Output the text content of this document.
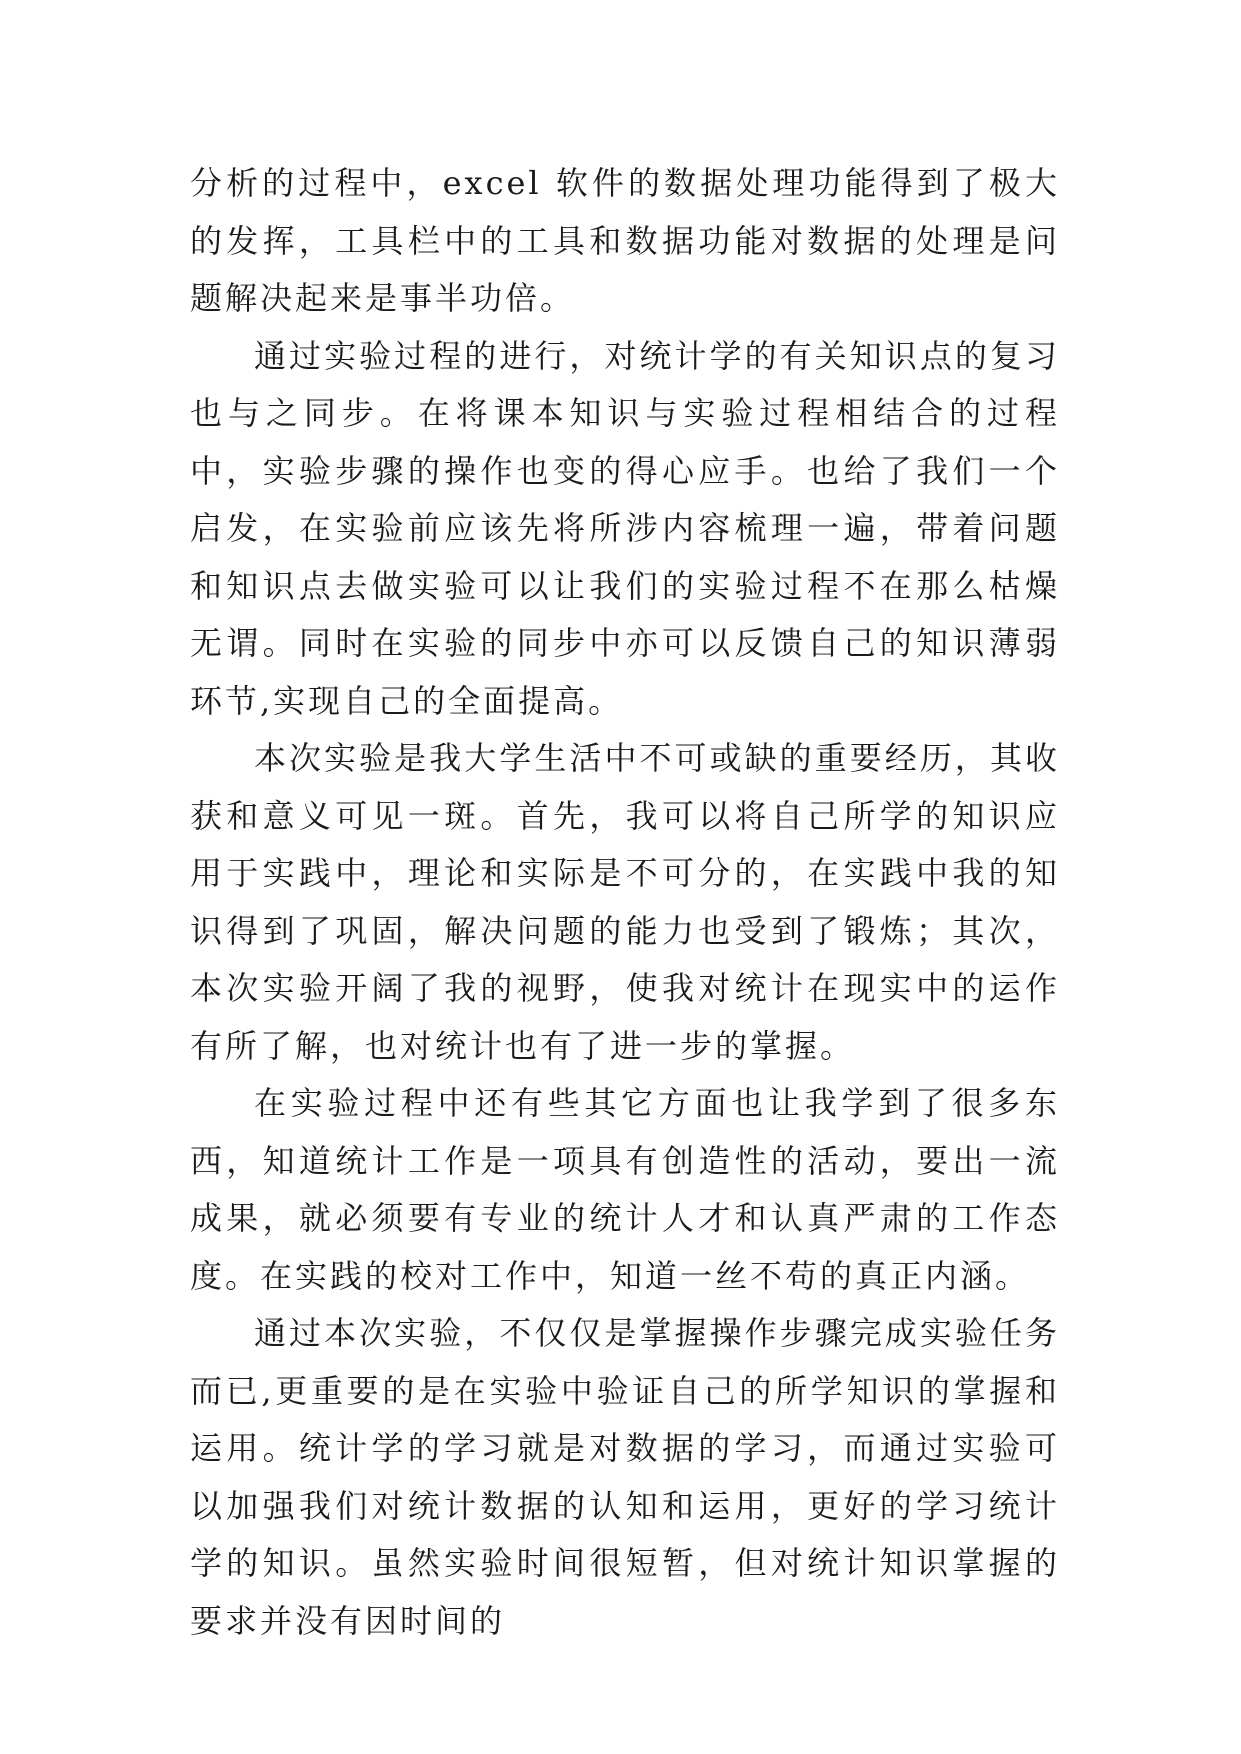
分析的过程中，excel 软件的数据处理功能得到了极大的发挥，工具栏中的工具和数据功能对数据的处理是问题解决起来是事半功倍。

通过实验过程的进行，对统计学的有关知识点的复习也与之同步。在将课本知识与实验过程相结合的过程中，实验步骤的操作也变的得心应手。也给了我们一个启发，在实验前应该先将所涉内容梳理一遍，带着问题和知识点去做实验可以让我们的实验过程不在那么枯燥无谓。同时在实验的同步中亦可以反馈自己的知识薄弱环节,实现自己的全面提高。

本次实验是我大学生活中不可或缺的重要经历，其收获和意义可见一斑。首先，我可以将自己所学的知识应用于实践中，理论和实际是不可分的，在实践中我的知识得到了巩固，解决问题的能力也受到了锻炼；其次，本次实验开阔了我的视野，使我对统计在现实中的运作有所了解，也对统计也有了进一步的掌握。

在实验过程中还有些其它方面也让我学到了很多东西，知道统计工作是一项具有创造性的活动，要出一流成果，就必须要有专业的统计人才和认真严肃的工作态度。在实践的校对工作中，知道一丝不苟的真正内涵。

通过本次实验，不仅仅是掌握操作步骤完成实验任务而已,更重要的是在实验中验证自己的所学知识的掌握和运用。统计学的学习就是对数据的学习，而通过实验可以加强我们对统计数据的认知和运用，更好的学习统计学的知识。虽然实验时间很短暂，但对统计知识掌握的要求并没有因时间的
